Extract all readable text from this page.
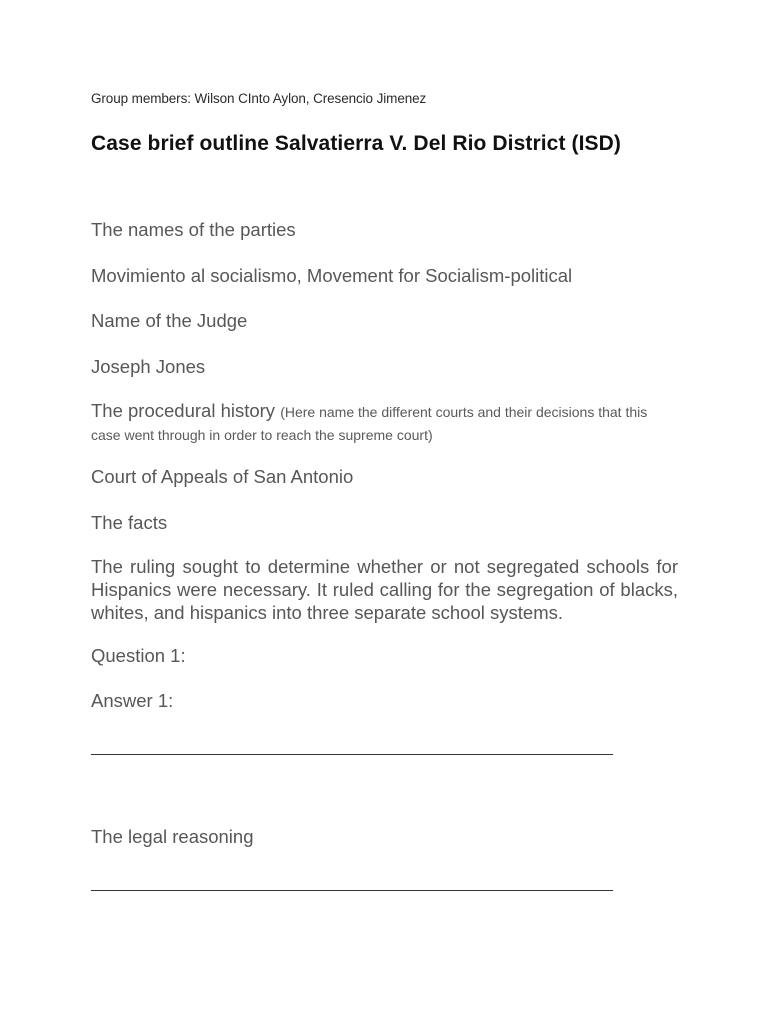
Group members: Wilson CInto Aylon, Cresencio Jimenez

Case brief outline Salvatierra V. Del Rio District (ISD)

The names of the parties

Movimiento al socialismo, Movement for Socialism-political

Name of the Judge

Joseph Jones

The procedural history (Here name the different courts and their decisions that this case went through in order to reach the supreme court)

Court of Appeals of San Antonio

The facts

The ruling sought to determine whether or not segregated schools for Hispanics were necessary. It ruled calling for the segregation of blacks, whites, and hispanics into three separate school systems.

Question 1:

Answer 1:

The legal reasoning
